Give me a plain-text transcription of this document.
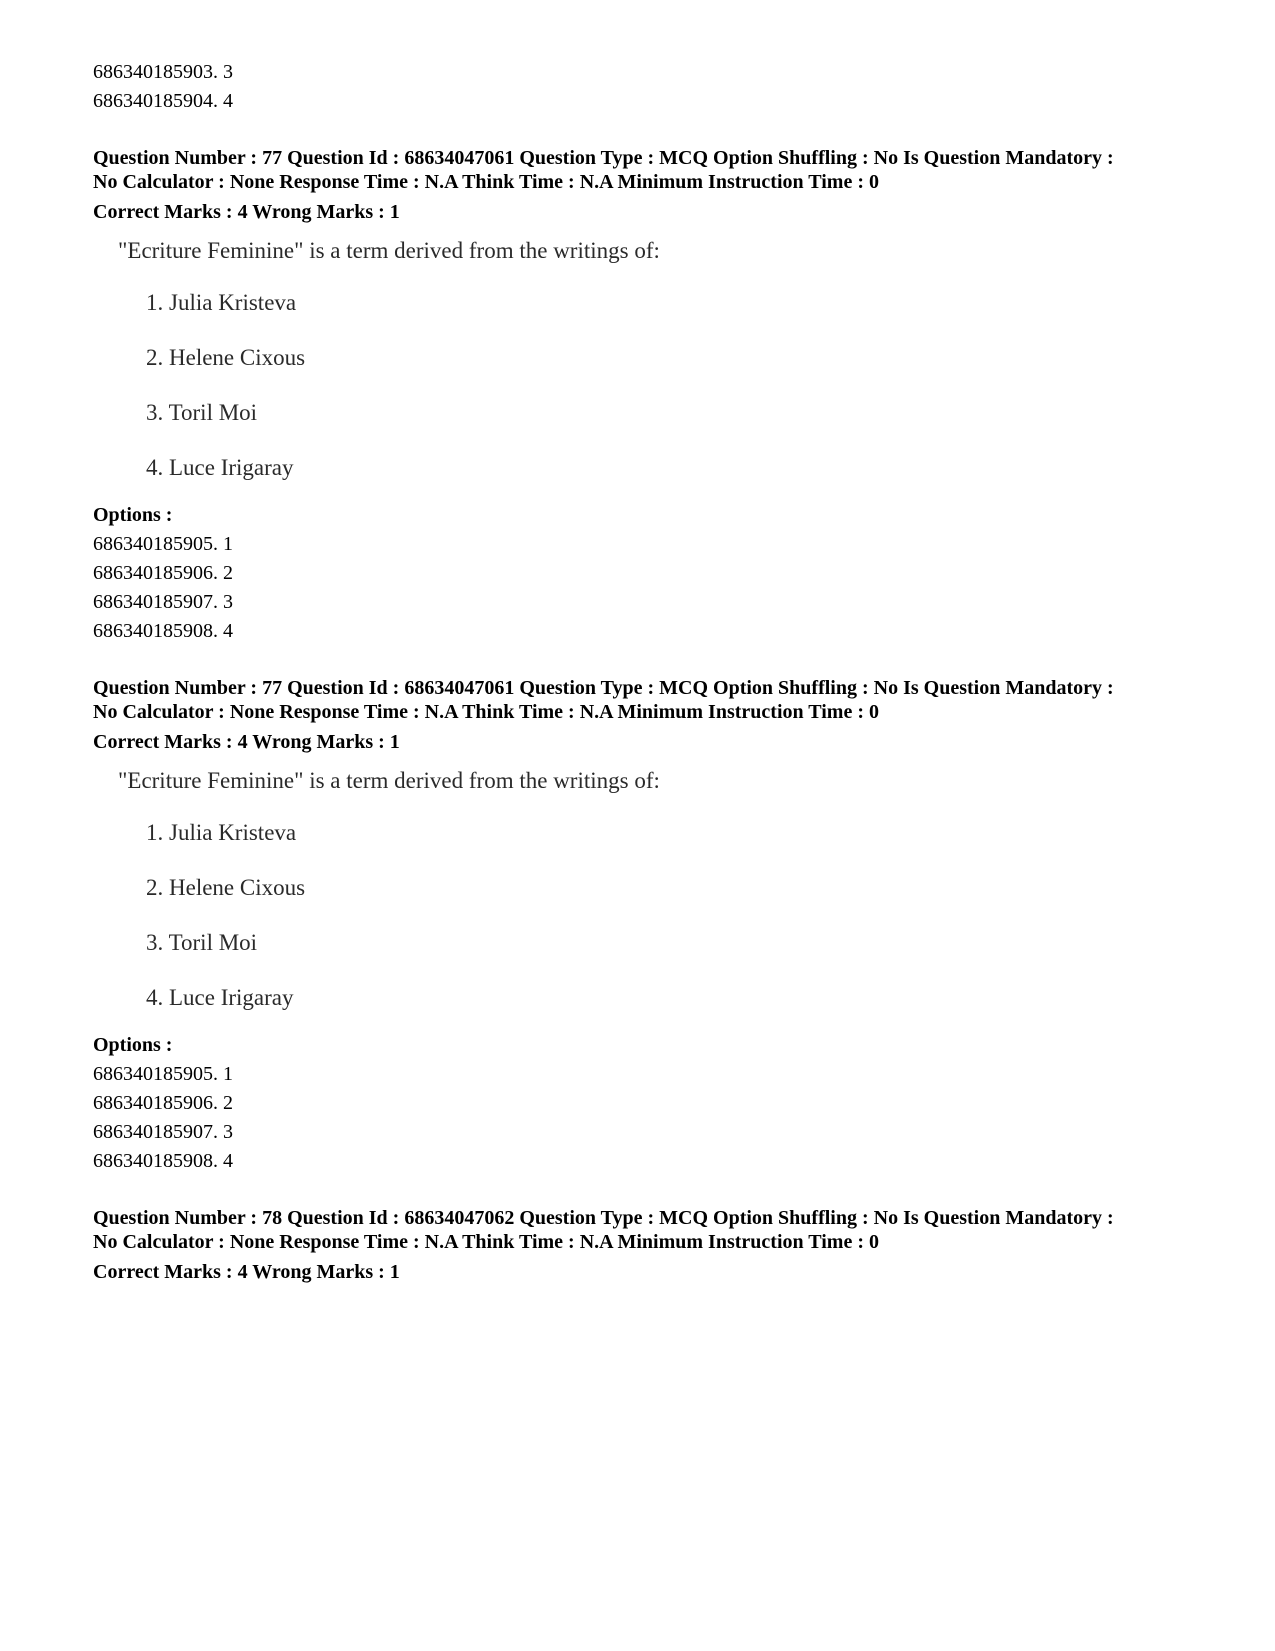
686340185903. 3
686340185904. 4
Question Number : 77 Question Id : 68634047061 Question Type : MCQ Option Shuffling : No Is Question Mandatory :
No Calculator : None Response Time : N.A Think Time : N.A Minimum Instruction Time : 0
Correct Marks : 4 Wrong Marks : 1
"Ecriture Feminine" is a term derived from the writings of:
1. Julia Kristeva
2. Helene Cixous
3. Toril Moi
4. Luce Irigaray
Options :
686340185905. 1
686340185906. 2
686340185907. 3
686340185908. 4
Question Number : 77 Question Id : 68634047061 Question Type : MCQ Option Shuffling : No Is Question Mandatory :
No Calculator : None Response Time : N.A Think Time : N.A Minimum Instruction Time : 0
Correct Marks : 4 Wrong Marks : 1
"Ecriture Feminine" is a term derived from the writings of:
1. Julia Kristeva
2. Helene Cixous
3. Toril Moi
4. Luce Irigaray
Options :
686340185905. 1
686340185906. 2
686340185907. 3
686340185908. 4
Question Number : 78 Question Id : 68634047062 Question Type : MCQ Option Shuffling : No Is Question Mandatory :
No Calculator : None Response Time : N.A Think Time : N.A Minimum Instruction Time : 0
Correct Marks : 4 Wrong Marks : 1
